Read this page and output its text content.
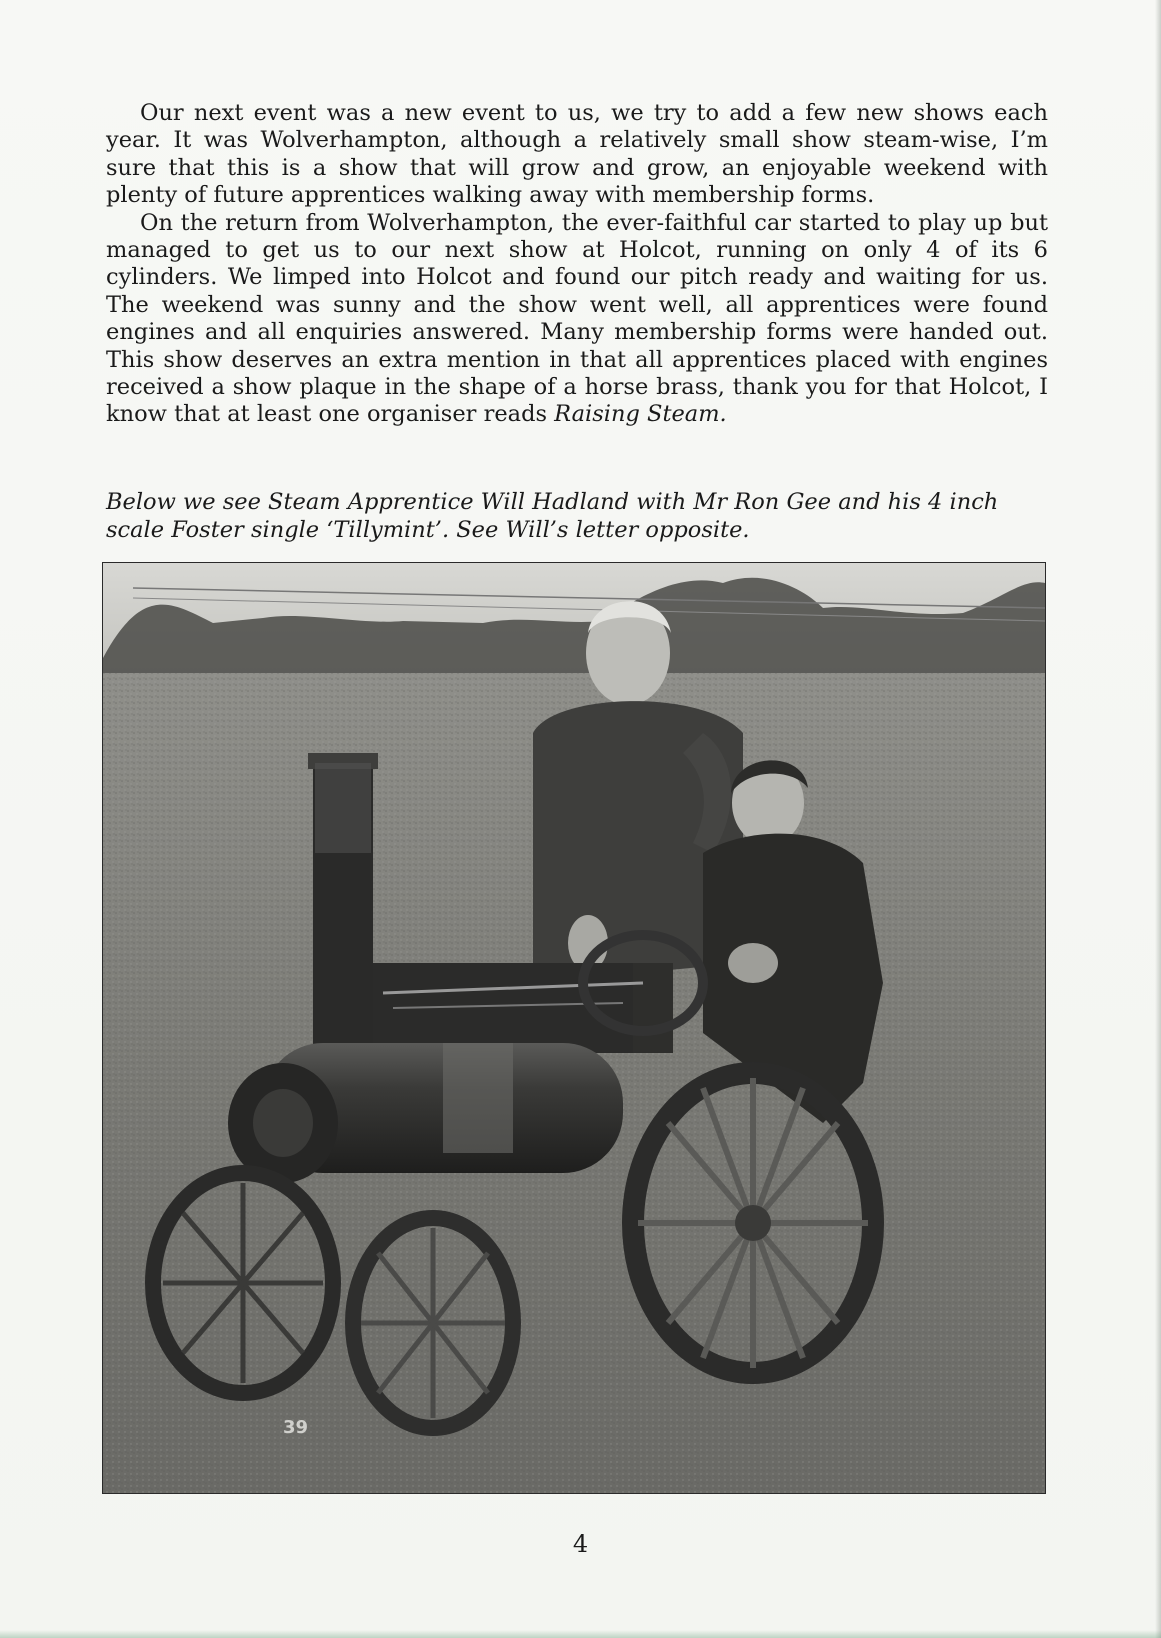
Our next event was a new event to us, we try to add a few new shows each year. It was Wolverhampton, although a relatively small show steam-wise, I’m sure that this is a show that will grow and grow, an enjoyable weekend with plenty of future apprentices walking away with membership forms.

On the return from Wolverhampton, the ever-faithful car started to play up but managed to get us to our next show at Holcot, running on only 4 of its 6 cylinders. We limped into Holcot and found our pitch ready and waiting for us. The weekend was sunny and the show went well, all apprentices were found engines and all enquiries answered. Many membership forms were handed out. This show deserves an extra mention in that all apprentices placed with engines received a show plaque in the shape of a horse brass, thank you for that Holcot, I know that at least one organiser reads Raising Steam.

Below we see Steam Apprentice Will Hadland with Mr Ron Gee and his 4 inch scale Foster single ‘Tillymint’. See Will’s letter opposite.
39
4
